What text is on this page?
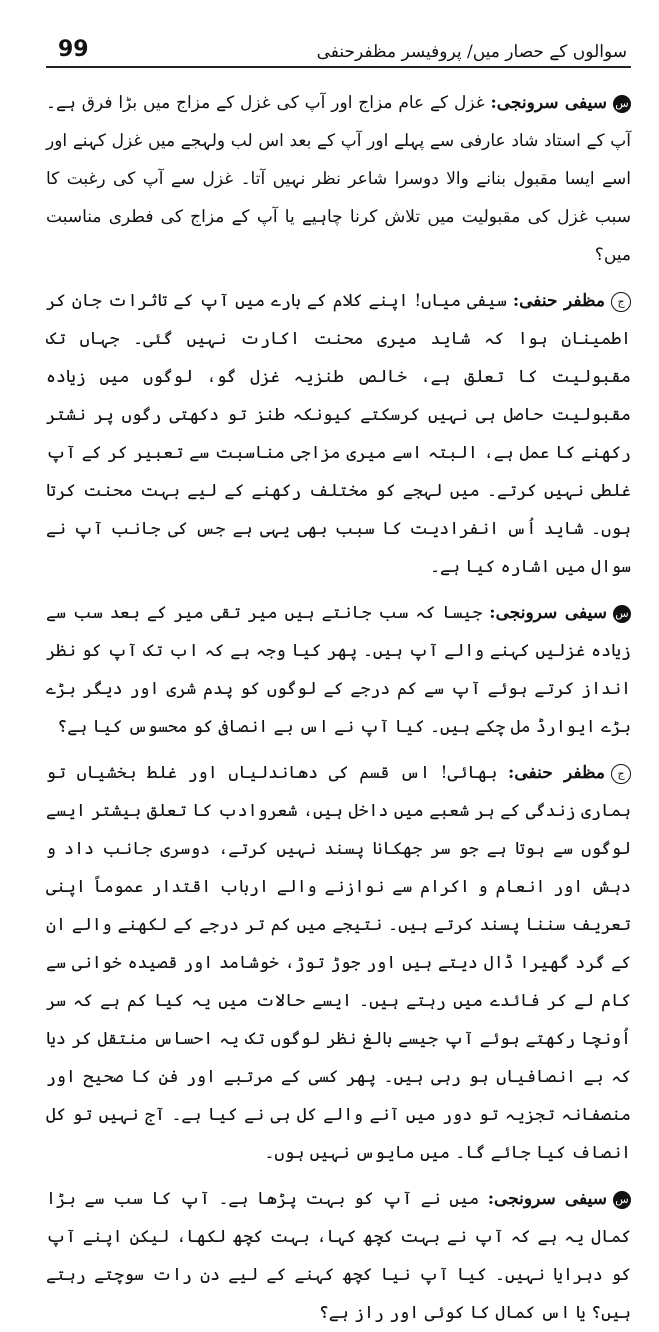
99	سوالوں کے حصار میں/ پروفیسر مظفرحنفی

سسیفی سرونجی: غزل کے عام مزاج اور آپ کی غزل کے مزاج میں بڑا فرق ہے۔ آپ کے استاد شاد عارفی سے پہلے اور آپ کے بعد اس لب ولہجے میں غزل کہنے اور اسے ایسا مقبول بنانے والا دوسرا شاعر نظر نہیں آتا۔ غزل سے آپ کی رغبت کا سبب غزل کی مقبولیت میں تلاش کرنا چاہیے یا آپ کے مزاج کی فطری مناسبت میں؟

جمظفر حنفی: سیفی میاں! اپنے کلام کے بارے میں آپ کے تاثرات جان کر اطمینان ہوا کہ شاید میری محنت اکارت نہیں گئی۔ جہاں تک مقبولیت کا تعلق ہے، خالص طنزیہ غزل گو، لوگوں میں زیادہ مقبولیت حاصل ہی نہیں کرسکتے کیونکہ طنز تو دکھتی رگوں پر نشتر رکھنے کا عمل ہے، البتہ اسے میری مزاجی مناسبت سے تعبیر کر کے آپ غلطی نہیں کرتے۔ میں لہجے کو مختلف رکھنے کے لیے بہت محنت کرتا ہوں۔ شاید اُس انفرادیت کا سبب بھی یہی ہے جس کی جانب آپ نے سوال میں اشارہ کیا ہے۔

سسیفی سرونجی: جیسا کہ سب جانتے ہیں میر تقی میر کے بعد سب سے زیادہ غزلیں کہنے والے آپ ہیں۔ پھر کیا وجہ ہے کہ اب تک آپ کو نظر انداز کرتے ہوئے آپ سے کم درجے کے لوگوں کو پدم شری اور دیگر بڑے بڑے ایوارڈ مل چکے ہیں۔ کیا آپ نے اس بے انصافی کو محسوس کیا ہے؟

جمظفر حنفی: بھائی! اس قسم کی دھاندلیاں اور غلط بخشیاں تو ہماری زندگی کے ہر شعبے میں داخل ہیں، شعروادب کا تعلق بیشتر ایسے لوگوں سے ہوتا ہے جو سر جھکانا پسند نہیں کرتے، دوسری جانب داد و دہش اور انعام و اکرام سے نوازنے والے ارباب اقتدار عموماً اپنی تعریف سننا پسند کرتے ہیں۔ نتیجے میں کم تر درجے کے لکھنے والے ان کے گرد گھیرا ڈال دیتے ہیں اور جوڑ توڑ، خوشامد اور قصیدہ خوانی سے کام لے کر فائدے میں رہتے ہیں۔ ایسے حالات میں یہ کیا کم ہے کہ سر اُونچا رکھتے ہوئے آپ جیسے بالغ نظر لوگوں تک یہ احساس منتقل کر دیا کہ بے انصافیاں ہو رہی ہیں۔ پھر کسی کے مرتبے اور فن کا صحیح اور منصفانہ تجزیہ تو دور میں آنے والے کل ہی نے کیا ہے۔ آج نہیں تو کل انصاف کیا جائے گا۔ میں مایوس نہیں ہوں۔

سسیفی سرونجی: میں نے آپ کو بہت پڑھا ہے۔ آپ کا سب سے بڑا کمال یہ ہے کہ آپ نے بہت کچھ کہا، بہت کچھ لکھا، لیکن اپنے آپ کو دہرایا نہیں۔ کیا آپ نیا کچھ کہنے کے لیے دن رات سوچتے رہتے ہیں؟ یا اس کمال کا کوئی اور راز ہے؟
